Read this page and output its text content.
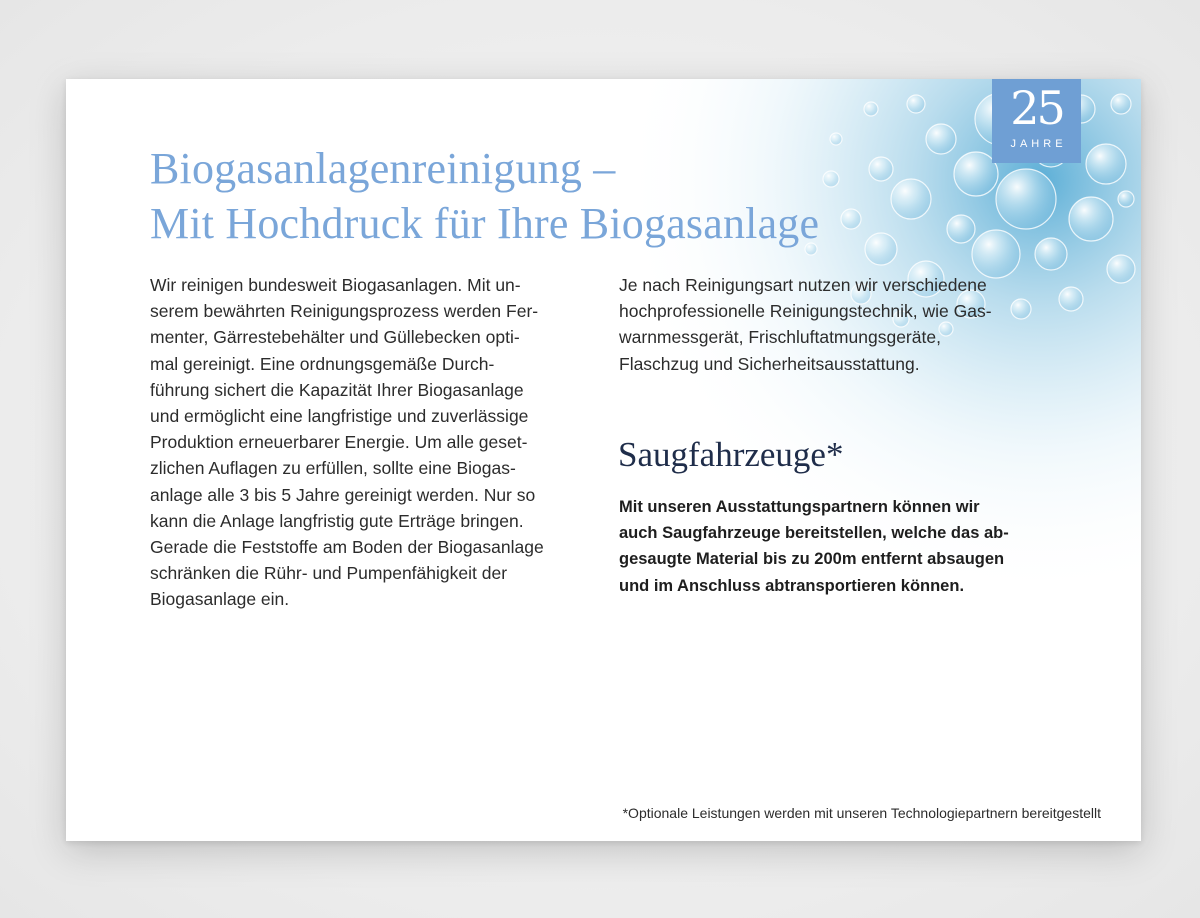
25
JAHRE
Biogasanlagenreinigung –
Mit Hochdruck für Ihre Biogasanlage
Wir reinigen bundesweit Biogasanlagen. Mit un-
serem bewährten Reinigungsprozess werden Fer-
menter, Gärrestebehälter und Güllebecken opti-
mal gereinigt. Eine ordnungsgemäße Durch-
führung sichert die Kapazität Ihrer Biogasanlage
und ermöglicht eine langfristige und zuverlässige
Produktion erneuerbarer Energie. Um alle geset-
zlichen Auflagen zu erfüllen, sollte eine Biogas-
anlage alle 3 bis 5 Jahre gereinigt werden. Nur so
kann die Anlage langfristig gute Erträge bringen.
Gerade die Feststoffe am Boden der Biogasanlage
schränken die Rühr- und Pumpenfähigkeit der
Biogasanlage ein.
Je nach Reinigungsart nutzen wir verschiedene
hochprofessionelle Reinigungstechnik, wie Gas-
warnmessgerät, Frischluftatmungsgeräte,
Flaschzug und Sicherheitsausstattung.
Saugfahrzeuge*
Mit unseren Ausstattungspartnern können wir
auch Saugfahrzeuge bereitstellen, welche das ab-
gesaugte Material bis zu 200m entfernt absaugen
und im Anschluss abtransportieren können.
*Optionale Leistungen werden mit unseren Technologiepartnern bereitgestellt
